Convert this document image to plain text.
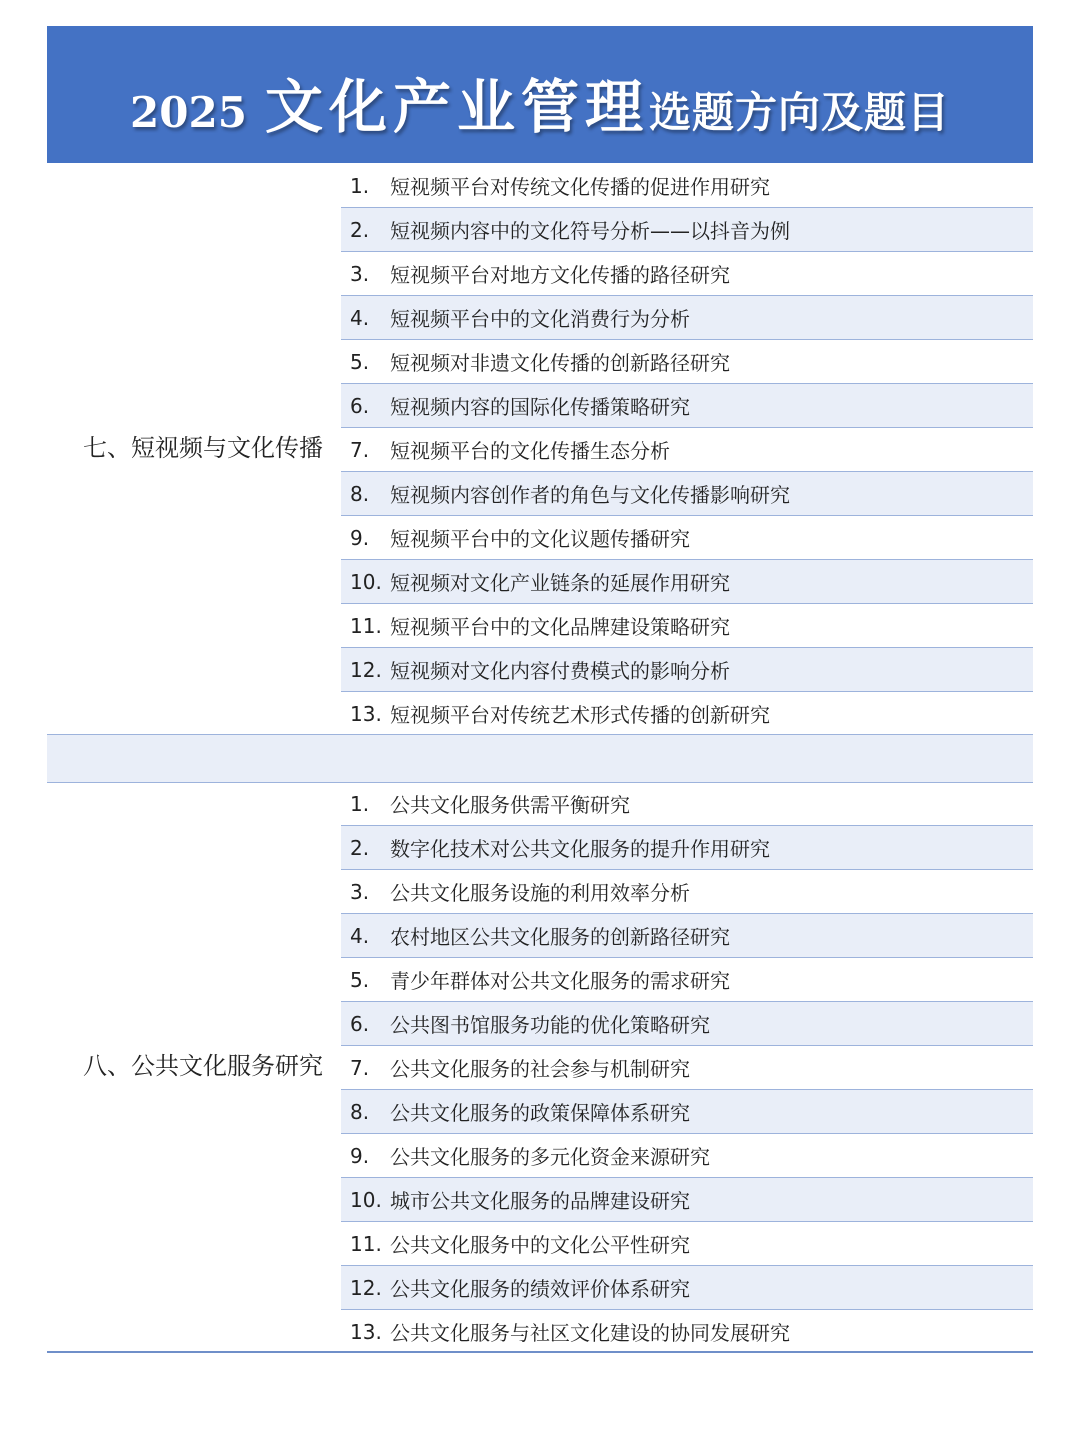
2025 文化产业管理 选题方向及题目
七、短视频与文化传播
1.	短视频平台对传统文化传播的促进作用研究
2.	短视频内容中的文化符号分析——以抖音为例
3.	短视频平台对地方文化传播的路径研究
4.	短视频平台中的文化消费行为分析
5.	短视频对非遗文化传播的创新路径研究
6.	短视频内容的国际化传播策略研究
7.	短视频平台的文化传播生态分析
8.	短视频内容创作者的角色与文化传播影响研究
9.	短视频平台中的文化议题传播研究
10. 短视频对文化产业链条的延展作用研究
11. 短视频平台中的文化品牌建设策略研究
12. 短视频对文化内容付费模式的影响分析
13. 短视频平台对传统艺术形式传播的创新研究
八、公共文化服务研究
1.	公共文化服务供需平衡研究
2.	数字化技术对公共文化服务的提升作用研究
3.	公共文化服务设施的利用效率分析
4.	农村地区公共文化服务的创新路径研究
5.	青少年群体对公共文化服务的需求研究
6.	公共图书馆服务功能的优化策略研究
7.	公共文化服务的社会参与机制研究
8.	公共文化服务的政策保障体系研究
9.	公共文化服务的多元化资金来源研究
10. 城市公共文化服务的品牌建设研究
11. 公共文化服务中的文化公平性研究
12. 公共文化服务的绩效评价体系研究
13. 公共文化服务与社区文化建设的协同发展研究
